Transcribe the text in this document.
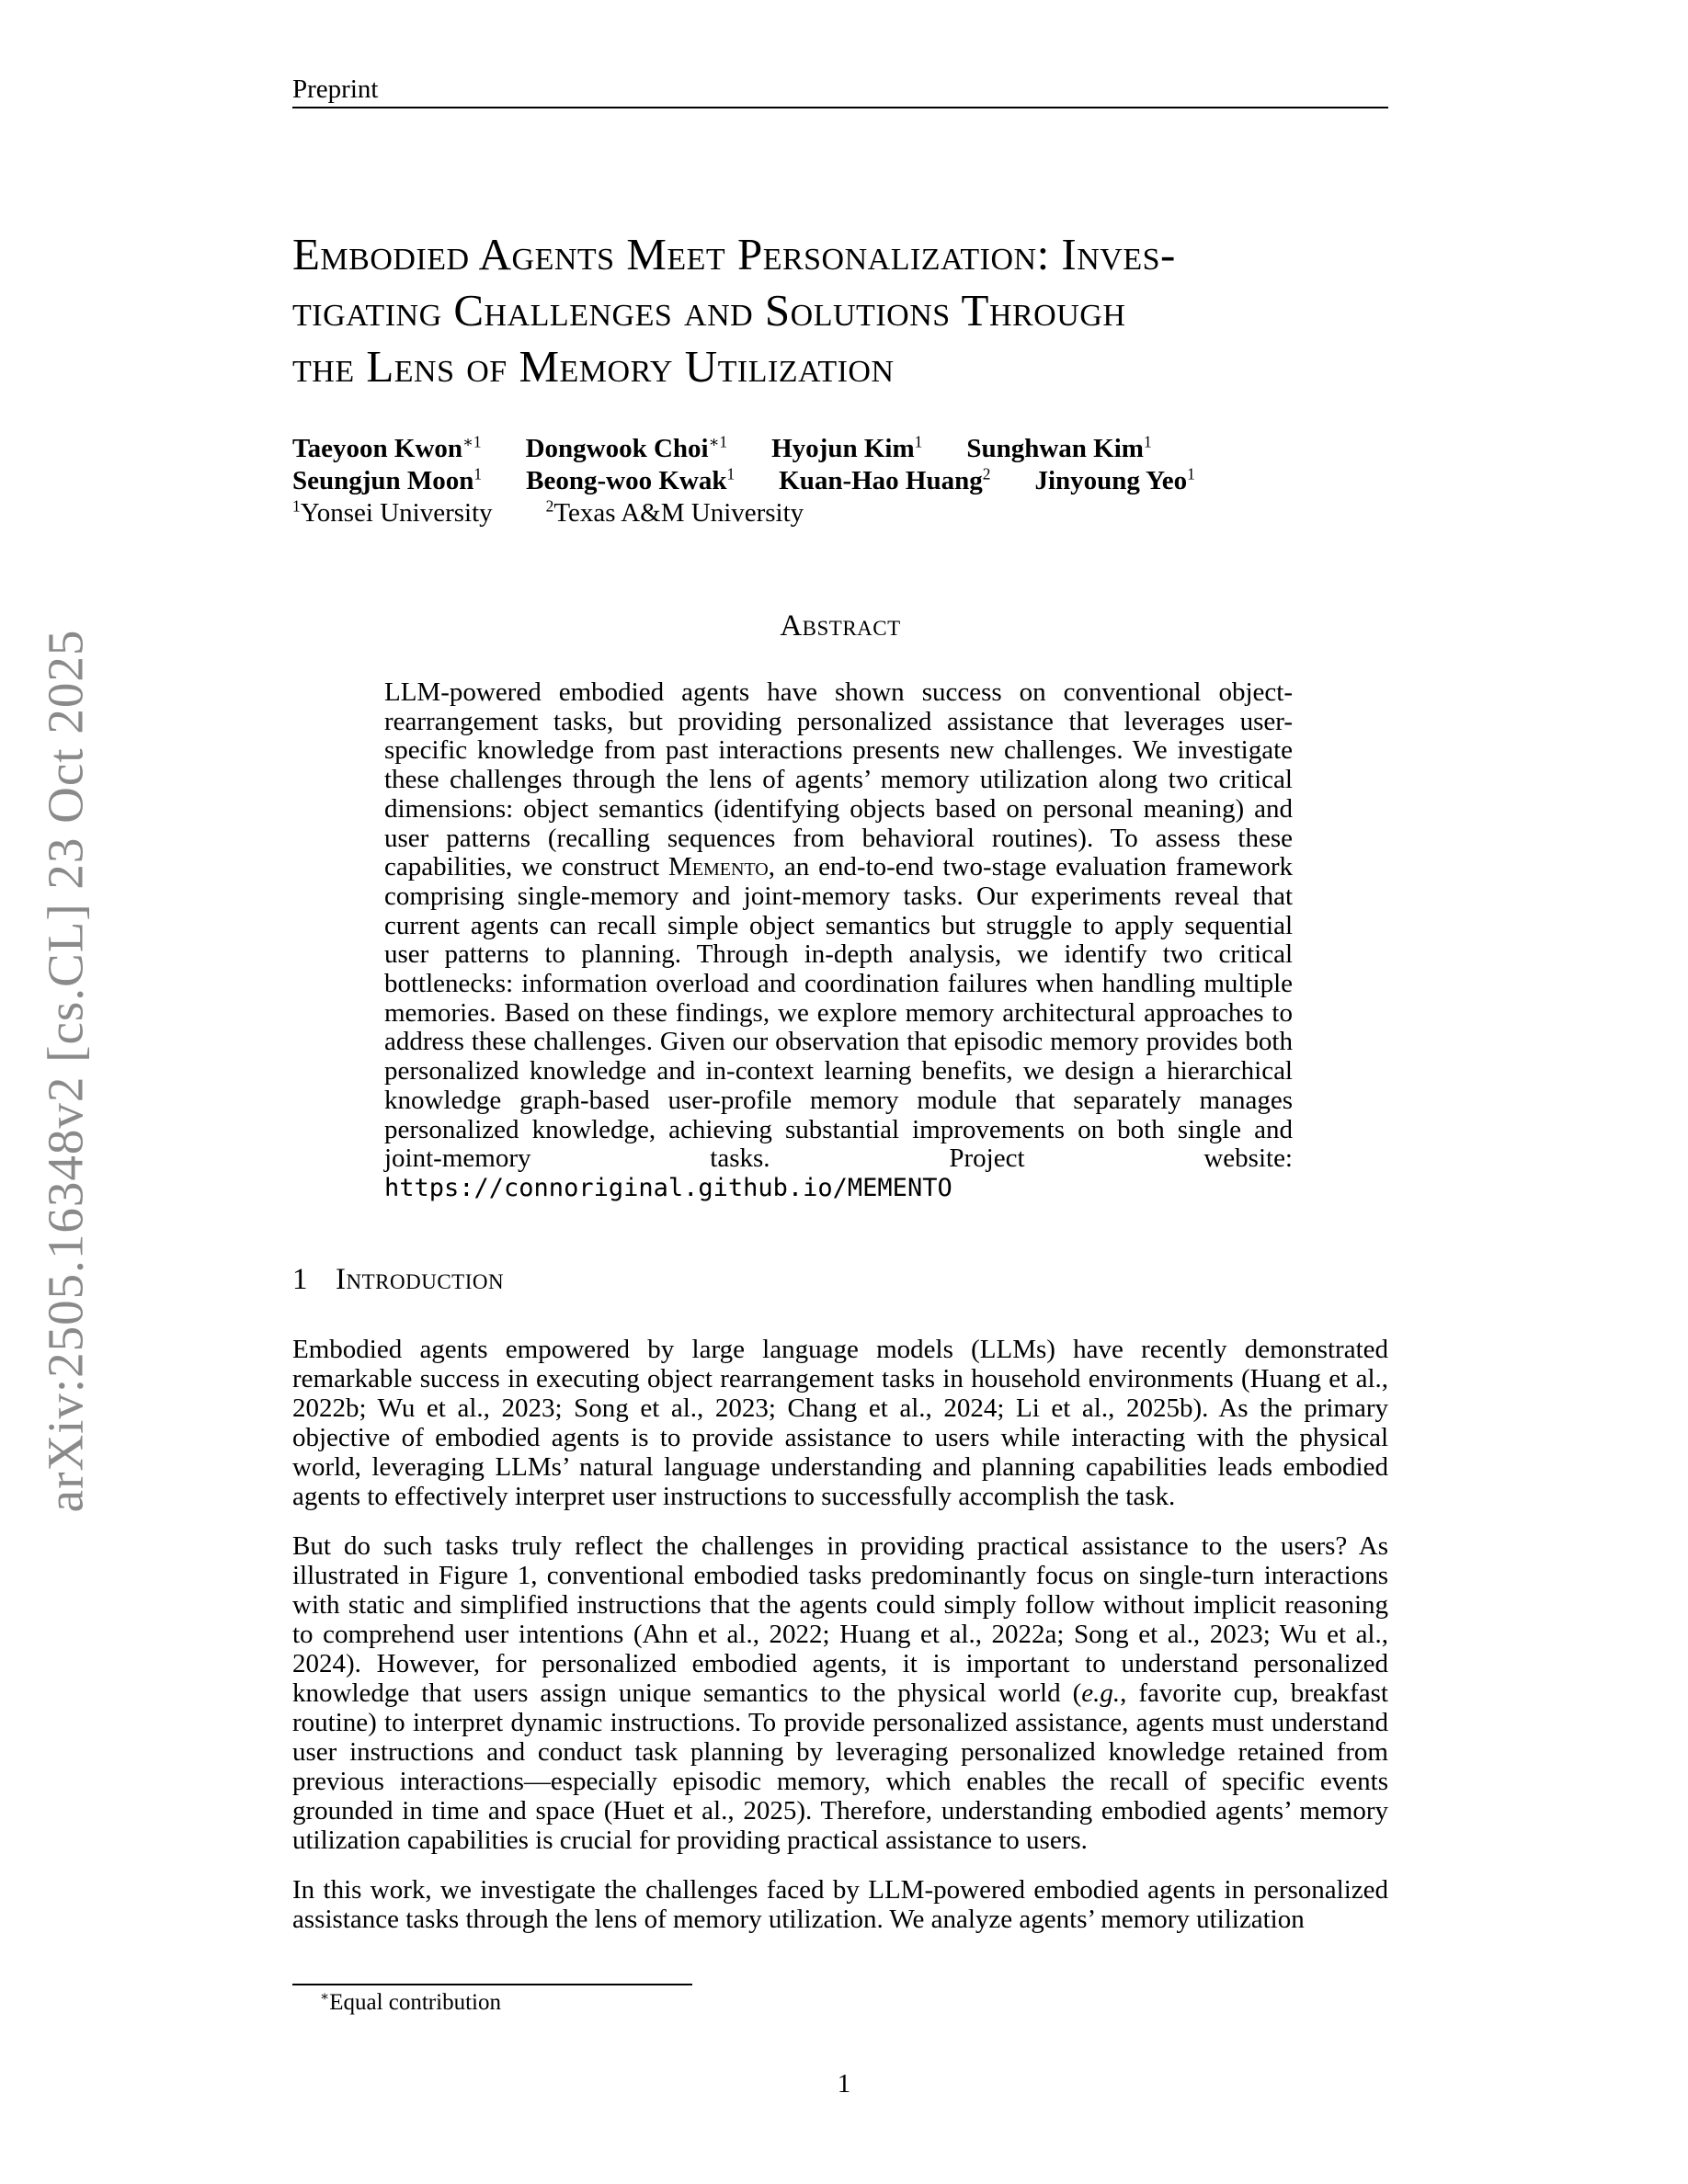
arXiv:2505.16348v2 [cs.CL] 23 Oct 2025
Preprint
Embodied Agents Meet Personalization: Inves-
tigating Challenges and Solutions Through
the Lens of Memory Utilization
Taeyoon Kwon$^{∗1}$ Dongwook Choi$^{∗1}$ Hyojun Kim$^1$ Sunghwan Kim$^1$
Seungjun Moon$^1$ Beong-woo Kwak$^1$ Kuan-Hao Huang$^2$ Jinyoung Yeo$^1$
$^1$Yonsei University	$^2$Texas A&M University
Abstract

LLM-powered embodied agents have shown success on conventional object-rearrangement tasks, but providing personalized assistance that leverages user-specific knowledge from past interactions presents new challenges. We investigate these challenges through the lens of agents’ memory utilization along two critical dimensions: object semantics (identifying objects based on personal meaning) and user patterns (recalling sequences from behavioral routines). To assess these capabilities, we construct Memento, an end-to-end two-stage evaluation framework comprising single-memory and joint-memory tasks. Our experiments reveal that current agents can recall simple object semantics but struggle to apply sequential user patterns to planning. Through in-depth analysis, we identify two critical bottlenecks: information overload and coordination failures when handling multiple memories. Based on these findings, we explore memory architectural approaches to address these challenges. Given our observation that episodic memory provides both personalized knowledge and in-context learning benefits, we design a hierarchical knowledge graph-based user-profile memory module that separately manages personalized knowledge, achieving substantial improvements on both single and joint-memory tasks. Project website: https://connoriginal.github.io/MEMENTO

1 Introduction

Embodied agents empowered by large language models (LLMs) have recently demonstrated remarkable success in executing object rearrangement tasks in household environments (Huang et al., 2022b; Wu et al., 2023; Song et al., 2023; Chang et al., 2024; Li et al., 2025b). As the primary objective of embodied agents is to provide assistance to users while interacting with the physical world, leveraging LLMs’ natural language understanding and planning capabilities leads embodied agents to effectively interpret user instructions to successfully accomplish the task.

But do such tasks truly reflect the challenges in providing practical assistance to the users? As illustrated in Figure 1, conventional embodied tasks predominantly focus on single-turn interactions with static and simplified instructions that the agents could simply follow without implicit reasoning to comprehend user intentions (Ahn et al., 2022; Huang et al., 2022a; Song et al., 2023; Wu et al., 2024). However, for personalized embodied agents, it is important to understand personalized knowledge that users assign unique semantics to the physical world (e.g., favorite cup, breakfast routine) to interpret dynamic instructions. To provide personalized assistance, agents must understand user instructions and conduct task planning by leveraging personalized knowledge retained from previous interactions—especially episodic memory, which enables the recall of specific events grounded in time and space (Huet et al., 2025). Therefore, understanding embodied agents’ memory utilization capabilities is crucial for providing practical assistance to users.

In this work, we investigate the challenges faced by LLM-powered embodied agents in personalized assistance tasks through the lens of memory utilization. We analyze agents’ memory utilization

∗Equal contribution

1
